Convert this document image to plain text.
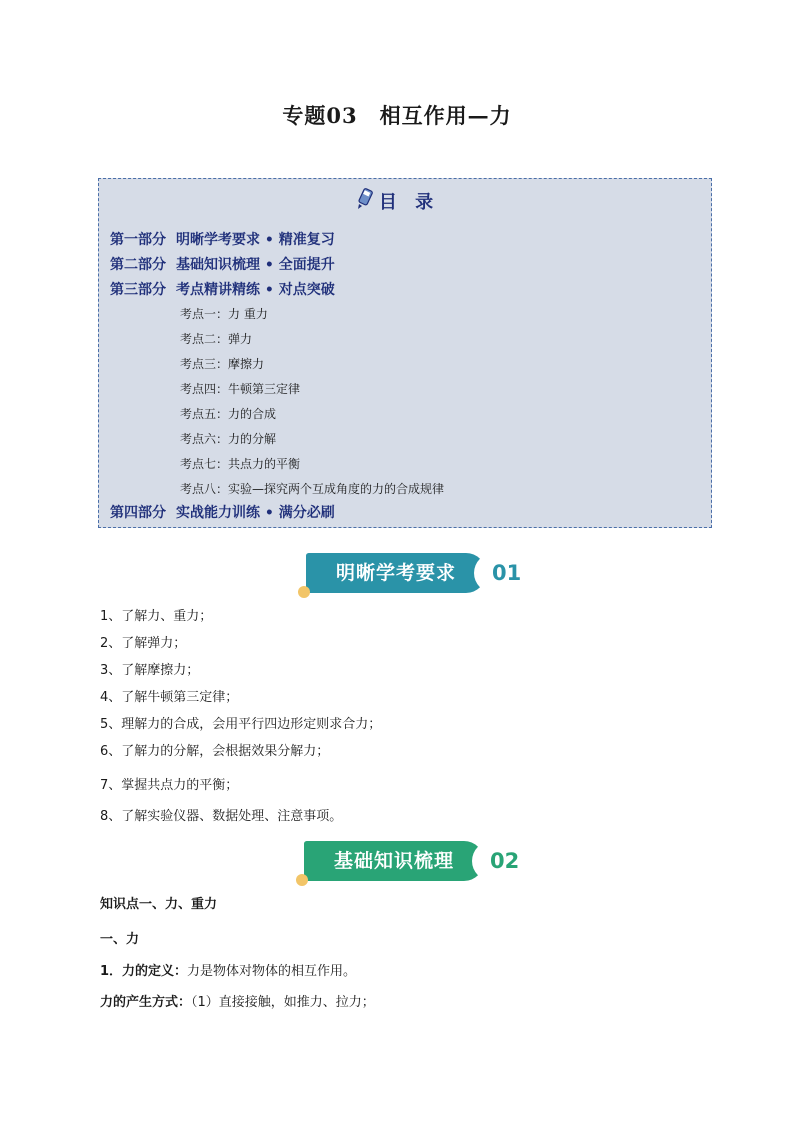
专题03　相互作用—力
目 录
第一部分 明晰学考要求 • 精准复习
第二部分 基础知识梳理 • 全面提升
第三部分 考点精讲精练 • 对点突破
考点一：力 重力
考点二：弹力
考点三：摩擦力
考点四：牛顿第三定律
考点五：力的合成
考点六：力的分解
考点七：共点力的平衡
考点八：实验—探究两个互成角度的力的合成规律
第四部分 实战能力训练 • 满分必刷
明晰学考要求	01
1、了解力、重力；
2、了解弹力；
3、了解摩擦力；
4、了解牛顿第三定律；
5、理解力的合成，会用平行四边形定则求合力；
6、了解力的分解，会根据效果分解力；
7、掌握共点力的平衡；
8、了解实验仪器、数据处理、注意事项。
基础知识梳理	02
知识点一、力、重力
一、力
1．力的定义：力是物体对物体的相互作用。
力的产生方式：（1）直接接触，如推力、拉力；
